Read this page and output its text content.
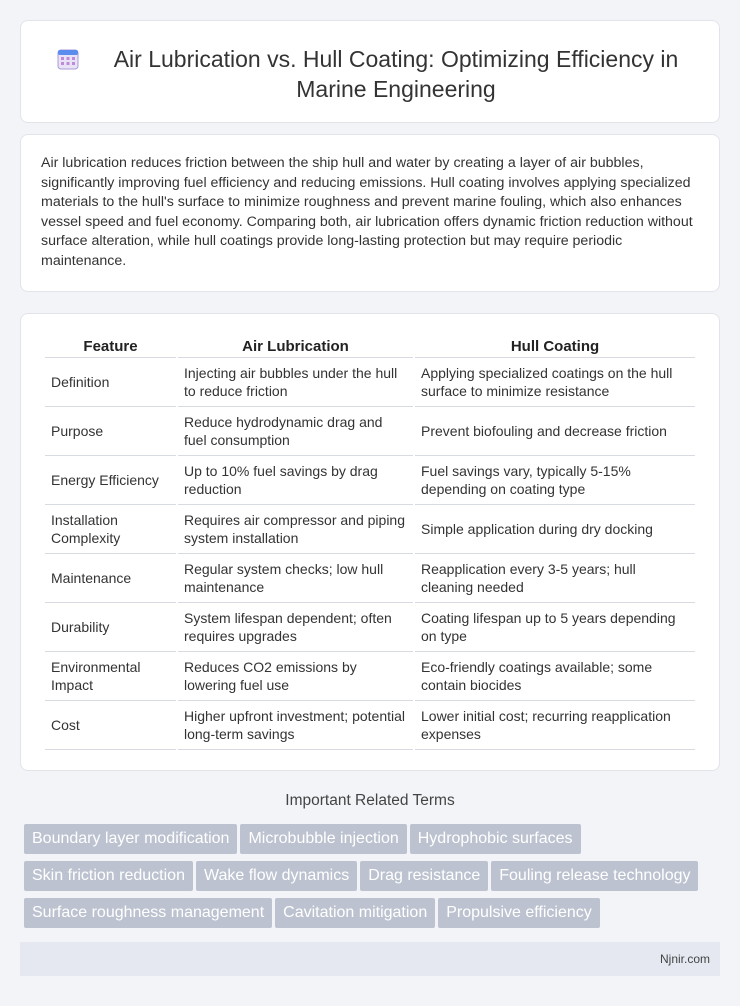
Air Lubrication vs. Hull Coating: Optimizing Efficiency in Marine Engineering

Air lubrication reduces friction between the ship hull and water by creating a layer of air bubbles, significantly improving fuel efficiency and reducing emissions. Hull coating involves applying specialized materials to the hull's surface to minimize roughness and prevent marine fouling, which also enhances vessel speed and fuel economy. Comparing both, air lubrication offers dynamic friction reduction without surface alteration, while hull coatings provide long-lasting protection but may require periodic maintenance.

Feature	Air Lubrication	Hull Coating
Definition	Injecting air bubbles under the hull to reduce friction	Applying specialized coatings on the hull surface to minimize resistance
Purpose	Reduce hydrodynamic drag and fuel consumption	Prevent biofouling and decrease friction
Energy Efficiency	Up to 10% fuel savings by drag reduction	Fuel savings vary, typically 5-15% depending on coating type
Installation Complexity	Requires air compressor and piping system installation	Simple application during dry docking
Maintenance	Regular system checks; low hull maintenance	Reapplication every 3-5 years; hull cleaning needed
Durability	System lifespan dependent; often requires upgrades	Coating lifespan up to 5 years depending on type
Environmental Impact	Reduces CO2 emissions by lowering fuel use	Eco-friendly coatings available; some contain biocides
Cost	Higher upfront investment; potential long-term savings	Lower initial cost; recurring reapplication expenses
Important Related Terms
Boundary layer modification Microbubble injection Hydrophobic surfaces
Skin friction reduction Wake flow dynamics Drag resistance Fouling release technology
Surface roughness management Cavitation mitigation Propulsive efficiency
Njnir.com
